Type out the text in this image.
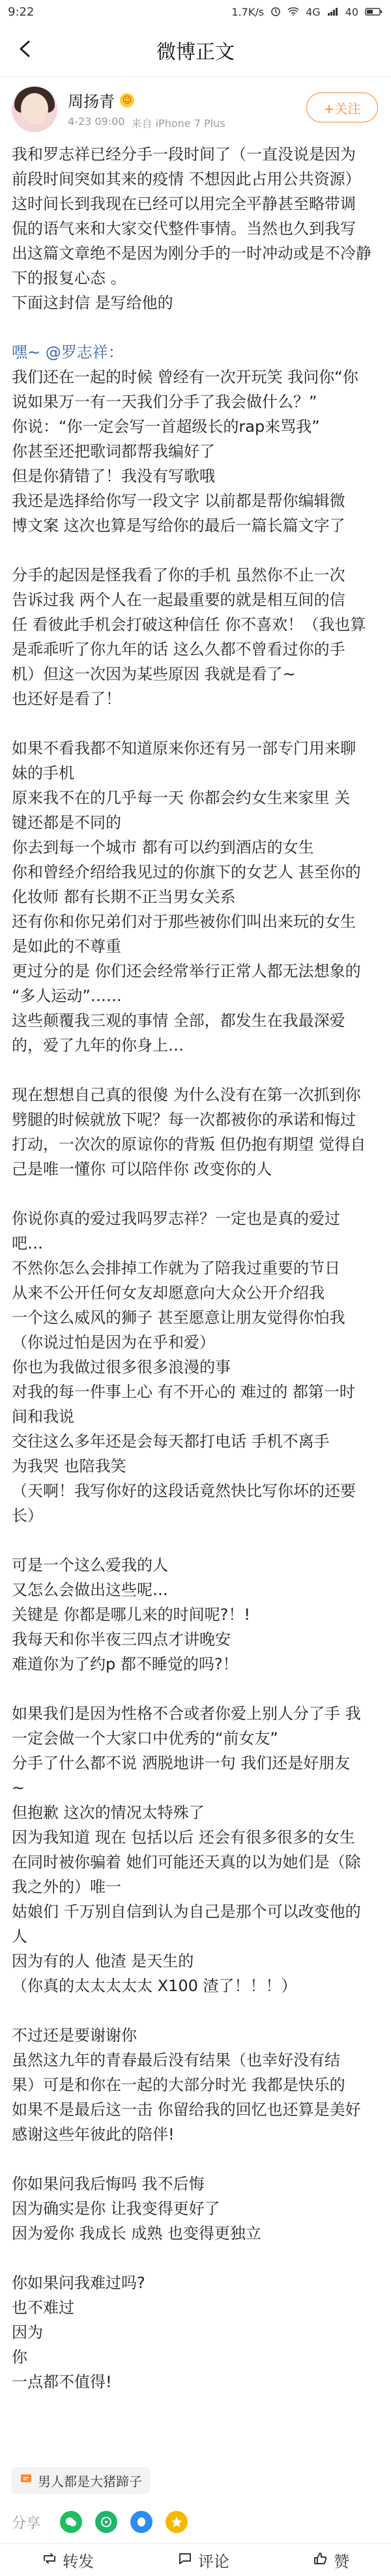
9:22	1.7K/s	4G 40
微博正文
周扬青 ☺
4-23 09:00 来自 iPhone 7 Plus
+关注
我和罗志祥已经分手一段时间了（一直没说是因为
前段时间突如其来的疫情 不想因此占用公共资源）
这时间长到我现在已经可以用完全平静甚至略带调
侃的语气来和大家交代整件事情。当然也久到我写
出这篇文章绝不是因为刚分手的一时冲动或是不冷静
下的报复心态 。
下面这封信 是写给他的
嘿~ @罗志祥：
我们还在一起的时候 曾经有一次开玩笑 我问你“你
说如果万一有一天我们分手了我会做什么？”
你说：“你一定会写一首超级长的rap来骂我”
你甚至还把歌词都帮我编好了
但是你猜错了！我没有写歌哦
我还是选择给你写一段文字 以前都是帮你编辑微
博文案 这次也算是写给你的最后一篇长篇文字了
分手的起因是怪我看了你的手机 虽然你不止一次
告诉过我 两个人在一起最重要的就是相互间的信
任 看彼此手机会打破这种信任 你不喜欢！（我也算
是乖乖听了你九年的话 这么久都不曾看过你的手
机）但这一次因为某些原因 我就是看了~
也还好是看了！
如果不看我都不知道原来你还有另一部专门用来聊
妹的手机
原来我不在的几乎每一天 你都会约女生来家里 关
键还都是不同的
你去到每一个城市 都有可以约到酒店的女生
你和曾经介绍给我见过的你旗下的女艺人 甚至你的
化妆师 都有长期不正当男女关系
还有你和你兄弟们对于那些被你们叫出来玩的女生
是如此的不尊重
更过分的是 你们还会经常举行正常人都无法想象的
“多人运动”……
这些颠覆我三观的事情 全部，都发生在我最深爱
的，爱了九年的你身上…
现在想想自己真的很傻 为什么没有在第一次抓到你
劈腿的时候就放下呢？每一次都被你的承诺和悔过
打动，一次次的原谅你的背叛 但仍抱有期望 觉得自
己是唯一懂你 可以陪伴你 改变你的人
你说你真的爱过我吗罗志祥？一定也是真的爱过
吧…
不然你怎么会排掉工作就为了陪我过重要的节日
从来不公开任何女友却愿意向大众公开介绍我
一个这么威风的狮子 甚至愿意让朋友觉得你怕我
（你说过怕是因为在乎和爱）
你也为我做过很多很多浪漫的事
对我的每一件事上心 有不开心的 难过的 都第一时
间和我说
交往这么多年还是会每天都打电话 手机不离手
为我哭 也陪我笑
（天啊！我写你好的这段话竟然快比写你坏的还要
长）
可是一个这么爱我的人
又怎么会做出这些呢…
关键是 你都是哪儿来的时间呢?！!
我每天和你半夜三四点才讲晚安
难道你为了约p 都不睡觉的吗?！
如果我们是因为性格不合或者你爱上别人分了手 我
一定会做一个大家口中优秀的“前女友”
分手了什么都不说 洒脱地讲一句 我们还是好朋友
~
但抱歉 这次的情况太特殊了
因为我知道 现在 包括以后 还会有很多很多的女生
在同时被你骗着 她们可能还天真的以为她们是（除
我之外的）唯一
姑娘们 千万别自信到认为自己是那个可以改变他的
人
因为有的人 他渣 是天生的
（你真的太太太太太 X100 渣了！！！）
不过还是要谢谢你
虽然这九年的青春最后没有结果（也幸好没有结
果）可是和你在一起的大部分时光 我都是快乐的
如果不是最后这一击 你留给我的回忆也还算是美好
感谢这些年彼此的陪伴!
你如果问我后悔吗 我不后悔
因为确实是你 让我变得更好了
因为爱你 我成长 成熟 也变得更独立
你如果问我难过吗?
也不难过
因为
你
一点都不值得!
男人都是大猪蹄子
分享
转发	评论	赞
